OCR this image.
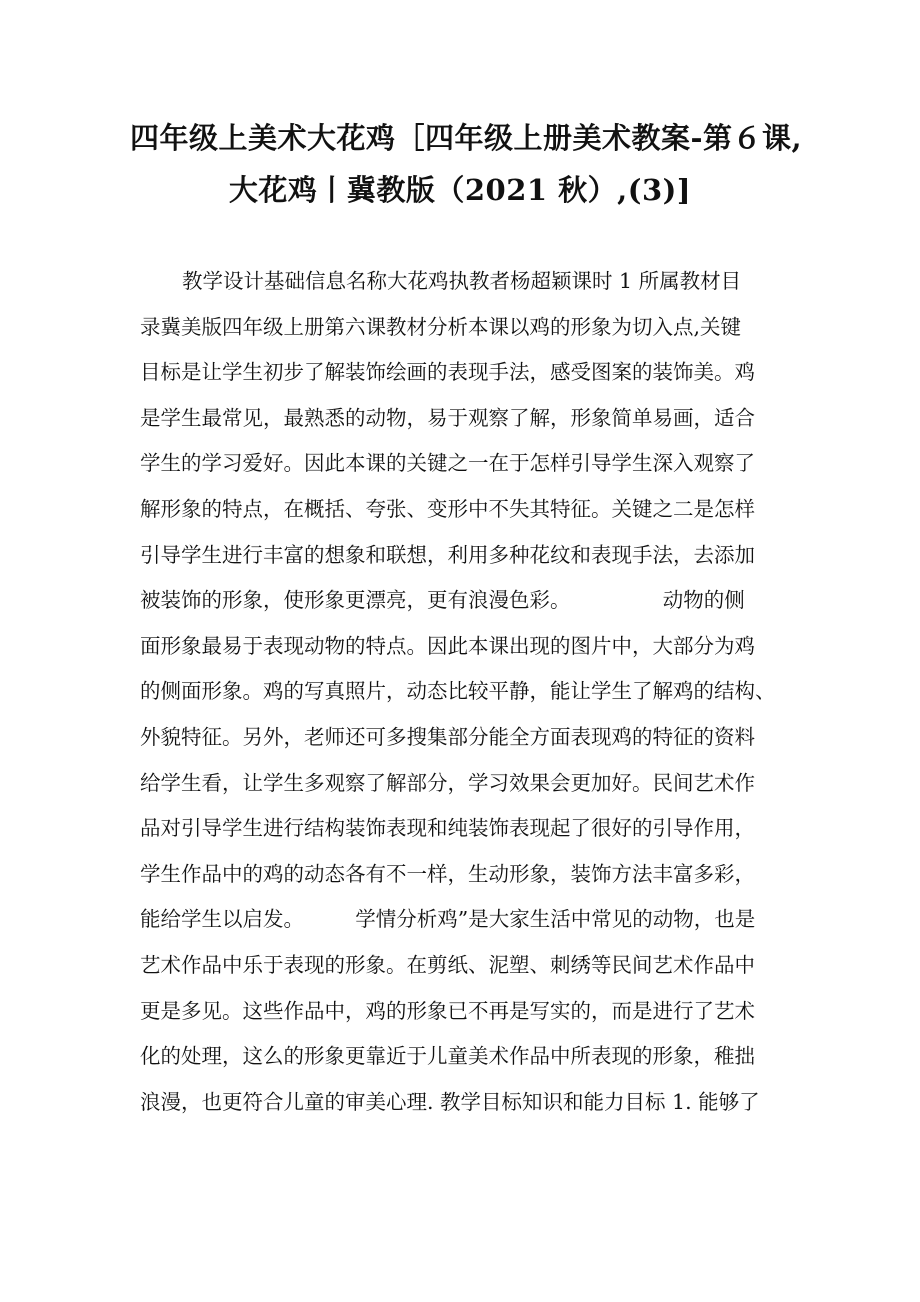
四年级上美术大花鸡［四年级上册美术教案-第６课,
大花鸡丨冀教版（2021 秋）,(3)]
教学设计基础信息名称大花鸡执教者杨超颖课时 1 所属教材目
录冀美版四年级上册第六课教材分析本课以鸡的形象为切入点,关键
目标是让学生初步了解装饰绘画的表现手法，感受图案的装饰美。鸡
是学生最常见，最熟悉的动物，易于观察了解，形象简单易画，适合
学生的学习爱好。因此本课的关键之一在于怎样引导学生深入观察了
解形象的特点，在概括、夸张、变形中不失其特征。关键之二是怎样
引导学生进行丰富的想象和联想，利用多种花纹和表现手法，去添加
被装饰的形象，使形象更漂亮，更有浪漫色彩。　　　　　动物的侧
面形象最易于表现动物的特点。因此本课出现的图片中，大部分为鸡
的侧面形象。鸡的写真照片，动态比较平静，能让学生了解鸡的结构、
外貌特征。另外，老师还可多搜集部分能全方面表现鸡的特征的资料
给学生看，让学生多观察了解部分，学习效果会更加好。民间艺术作
品对引导学生进行结构装饰表现和纯装饰表现起了很好的引导作用，
学生作品中的鸡的动态各有不一样，生动形象，装饰方法丰富多彩，
能给学生以启发。　　　学情分析鸡”是大家生活中常见的动物，也是
艺术作品中乐于表现的形象。在剪纸、泥塑、刺绣等民间艺术作品中
更是多见。这些作品中，鸡的形象已不再是写实的，而是进行了艺术
化的处理，这么的形象更靠近于儿童美术作品中所表现的形象，稚拙
浪漫，也更符合儿童的审美心理. 教学目标知识和能力目标 1. 能够了
